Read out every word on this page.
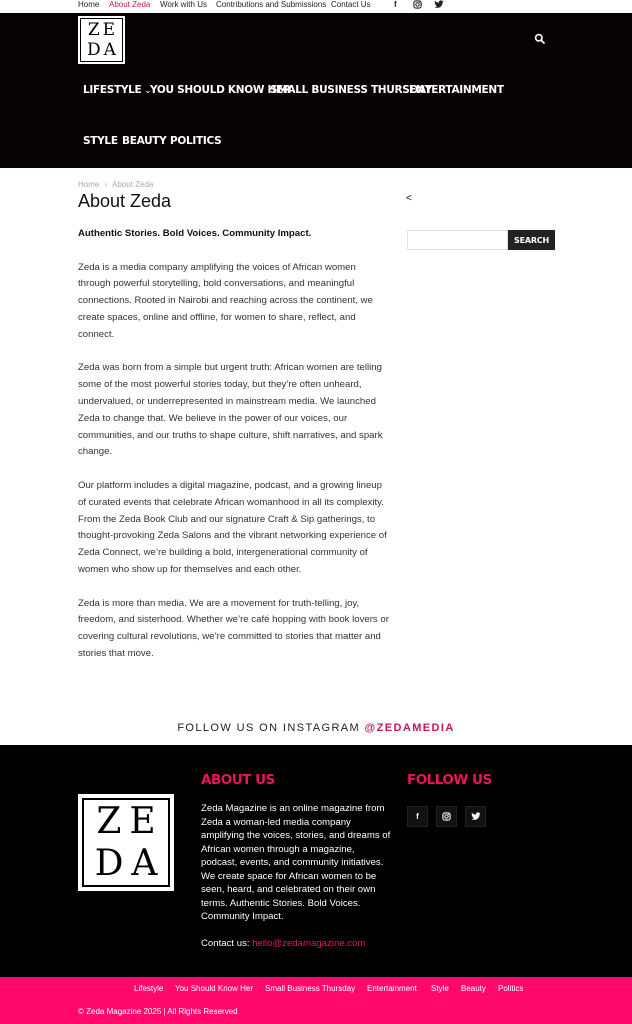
Home About Zeda Work with Us Contributions and Submissions Contact Us	f
ZE
DA
LIFESTYLE ⌄ YOU SHOULD KNOW HER
SMALL BUSINESS THURSDAY
ENTERTAINMENT
STYLE BEAUTY POLITICS
Home › About Zeda
About Zeda

Authentic Stories. Bold Voices. Community Impact.

Zeda is a media company amplifying the voices of African women through powerful storytelling, bold conversations, and meaningful connections. Rooted in Nairobi and reaching across the continent, we create spaces, online and offline, for women to share, reflect, and connect.

Zeda was born from a simple but urgent truth: African women are telling some of the most powerful stories today, but they’re often unheard, undervalued, or underrepresented in mainstream media. We launched Zeda to change that. We believe in the power of our voices, our communities, and our truths to shape culture, shift narratives, and spark change.

Our platform includes a digital magazine, podcast, and a growing lineup of curated events that celebrate African womanhood in all its complexity. From the Zeda Book Club and our signature Craft & Sip gatherings, to thought-provoking Zeda Salons and the vibrant networking experience of Zeda Connect, we’re building a bold, intergenerational community of women who show up for themselves and each other.

Zeda is more than media. We are a movement for truth-telling, joy, freedom, and sisterhood. Whether we’re café hopping with book lovers or covering cultural revolutions, we’re committed to stories that matter and stories that move.

<
SEARCH
FOLLOW US ON INSTAGRAM @ZEDAMEDIA
ZE
DA
ABOUT US
Zeda Magazine is an online magazine from Zeda a woman-led media company amplifying the voices, stories, and dreams of African women through a magazine, podcast, events, and community initiatives. We create space for African women to be seen, heard, and celebrated on their own terms. Authentic Stories. Bold Voices. Community Impact.
Contact us: hello@zedamagazine.com
FOLLOW US
f
Lifestyle You Should Know Her Small Business Thursday Entertainment Style Beauty Politics
© Zeda Magazine 2025 | All Rights Reserved
